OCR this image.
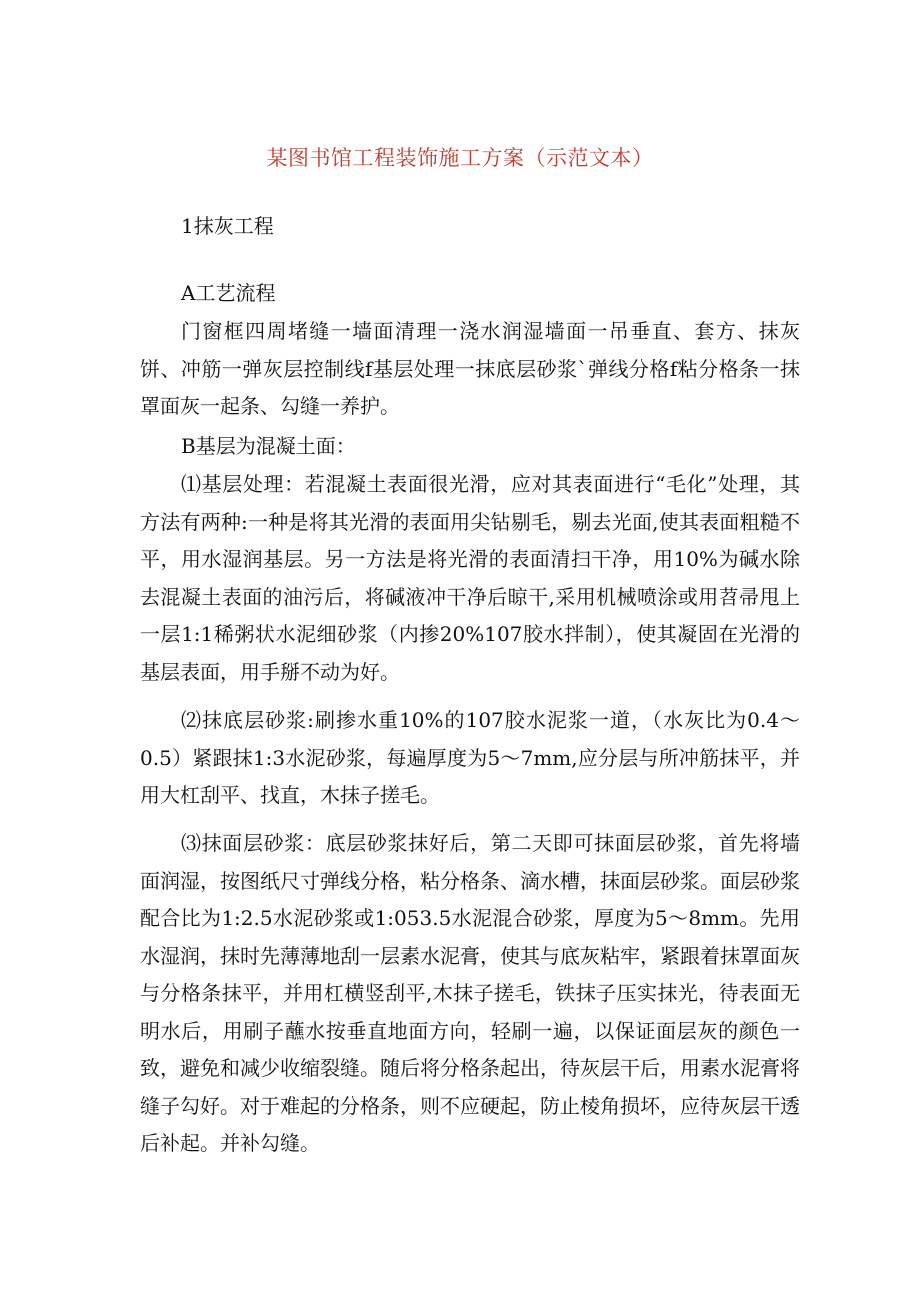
某图书馆工程装饰施工方案（示范文本）
1抹灰工程
A工艺流程

门窗框四周堵缝一墙面清理一浇水润湿墙面一吊垂直、套方、抹灰饼、冲筋一弹灰层控制线f基层处理一抹底层砂浆`弹线分格f粘分格条一抹罩面灰一起条、勾缝一养护。

B基层为混凝土面：

⑴基层处理：若混凝土表面很光滑，应对其表面进行“毛化”处理，其方法有两种:一种是将其光滑的表面用尖钻剔毛，剔去光面,使其表面粗糙不平，用水湿润基层。另一方法是将光滑的表面清扫干净，用10%为碱水除去混凝土表面的油污后，将碱液冲干净后晾干,采用机械喷涂或用苕帚甩上一层1:1稀粥状水泥细砂浆（内掺20%107胶水拌制），使其凝固在光滑的基层表面，用手掰不动为好。

⑵抹底层砂浆:刷掺水重10%的107胶水泥浆一道，（水灰比为0.4〜0.5）紧跟抹1:3水泥砂浆，每遍厚度为5〜7mm,应分层与所冲筋抹平，并用大杠刮平、找直，木抹子搓毛。

⑶抹面层砂浆：底层砂浆抹好后，第二天即可抹面层砂浆，首先将墙面润湿，按图纸尺寸弹线分格，粘分格条、滴水槽，抹面层砂浆。面层砂浆配合比为1:2.5水泥砂浆或1:053.5水泥混合砂浆，厚度为5〜8mm。先用水湿润，抹时先薄薄地刮一层素水泥膏，使其与底灰粘牢，紧跟着抹罩面灰与分格条抹平，并用杠横竖刮平,木抹子搓毛，铁抹子压实抹光，待表面无明水后，用刷子蘸水按垂直地面方向，轻刷一遍，以保证面层灰的颜色一致，避免和减少收缩裂缝。随后将分格条起出，待灰层干后，用素水泥膏将缝子勾好。对于难起的分格条，则不应硬起，防止棱角损坏，应待灰层干透后补起。并补勾缝。
